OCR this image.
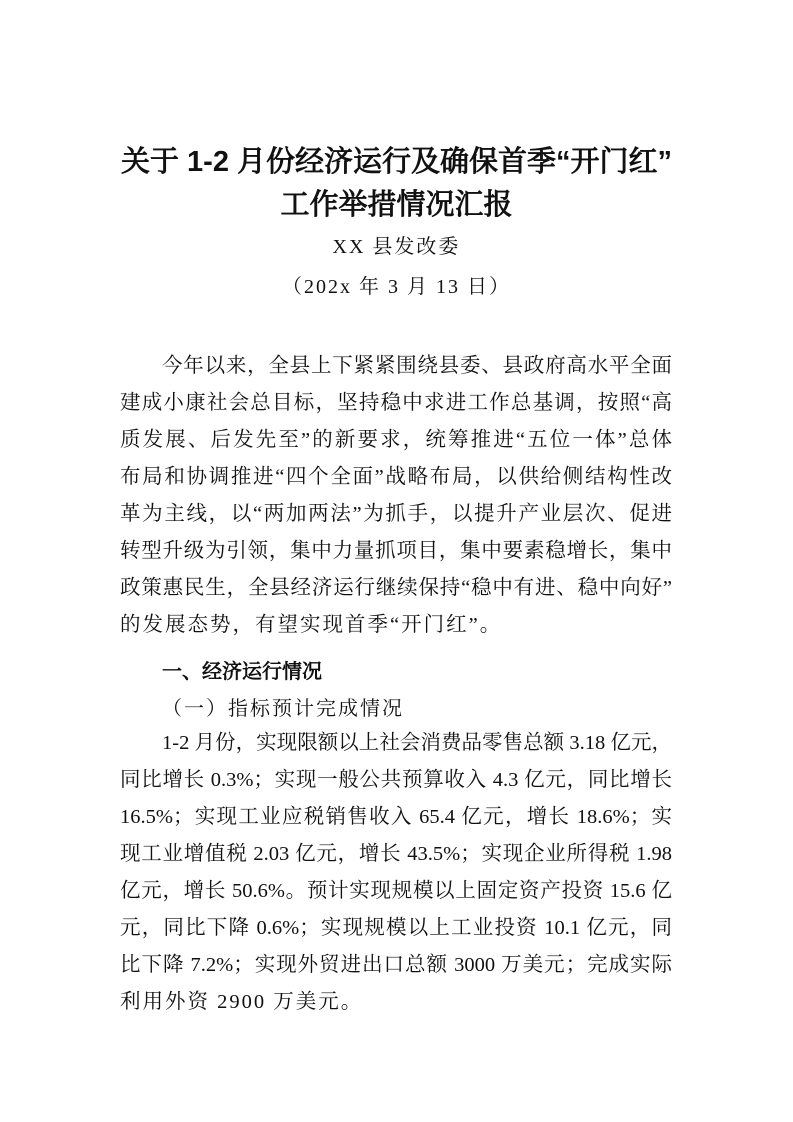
关于 1-2 月份经济运行及确保首季“开门红”
工作举措情况汇报
XX 县发改委
（202x 年 3 月 13 日）
今年以来，全县上下紧紧围绕县委、县政府高水平全面
建成小康社会总目标，坚持稳中求进工作总基调，按照“高
质发展、后发先至”的新要求，统筹推进“五位一体”总体
布局和协调推进“四个全面”战略布局，以供给侧结构性改
革为主线，以“两加两法”为抓手，以提升产业层次、促进
转型升级为引领，集中力量抓项目，集中要素稳增长，集中
政策惠民生，全县经济运行继续保持“稳中有进、稳中向好”
的发展态势，有望实现首季“开门红”。
一、经济运行情况
（一）指标预计完成情况
1-2 月份，实现限额以上社会消费品零售总额 3.18 亿元，
同比增长 0.3%；实现一般公共预算收入 4.3 亿元，同比增长
16.5%；实现工业应税销售收入 65.4 亿元，增长 18.6%；实
现工业增值税 2.03 亿元，增长 43.5%；实现企业所得税 1.98
亿元，增长 50.6%。预计实现规模以上固定资产投资 15.6 亿
元，同比下降 0.6%；实现规模以上工业投资 10.1 亿元，同
比下降 7.2%；实现外贸进出口总额 3000 万美元；完成实际
利用外资 2900 万美元。
